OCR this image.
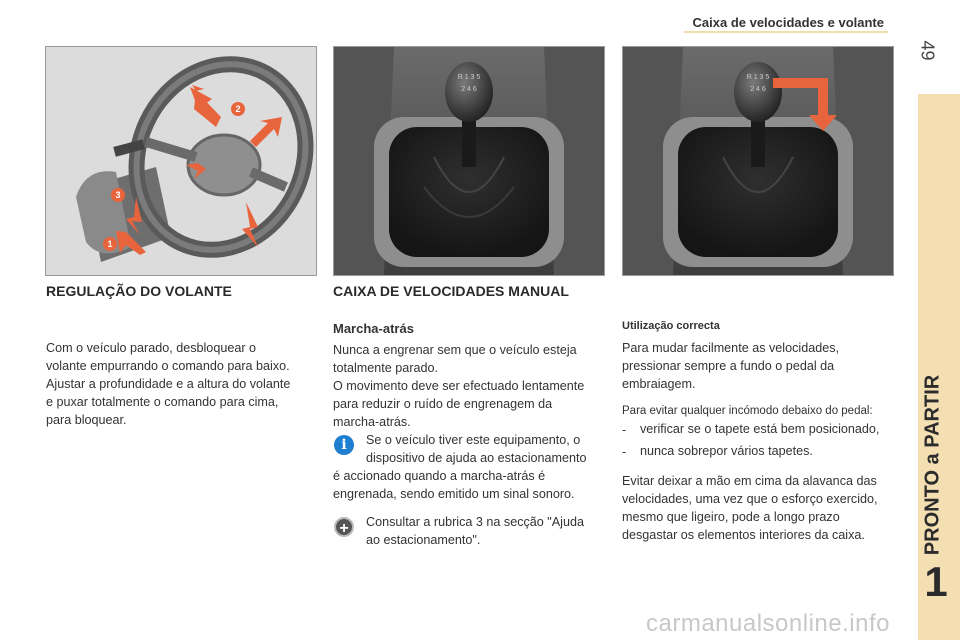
Caixa de velocidades e volante
49
PRONTO a PARTIR
1
2
3
1
R 1 3 5
2 4 6
R 1 3 5
2 4 6
REGULAÇÃO DO VOLANTE
Com o veículo parado, desbloquear o
volante empurrando o comando para baixo.
Ajustar a profundidade e a altura do volante
e puxar totalmente o comando para cima,
para bloquear.
CAIXA DE VELOCIDADES MANUAL
Marcha-atrás
Nunca a engrenar sem que o veículo esteja
totalmente parado.
O movimento deve ser efectuado lentamente
para reduzir o ruído de engrenagem da
marcha-atrás.
i	Se o veículo tiver este equipamento, o
dispositivo de ajuda ao estacionamento
é accionado quando a marcha-atrás é
engrenada, sendo emitido um sinal sonoro.
+	Consultar a rubrica 3 na secção "Ajuda
ao estacionamento".
Utilização correcta
Para mudar facilmente as velocidades,
pressionar sempre a fundo o pedal da
embraiagem.
Para evitar qualquer incómodo debaixo do pedal:
- verificar se o tapete está bem posicionado,
- nunca sobrepor vários tapetes.
Evitar deixar a mão em cima da alavanca das
velocidades, uma vez que o esforço exercido,
mesmo que ligeiro, pode a longo prazo
desgastar os elementos interiores da caixa.
carmanualsonline.info
